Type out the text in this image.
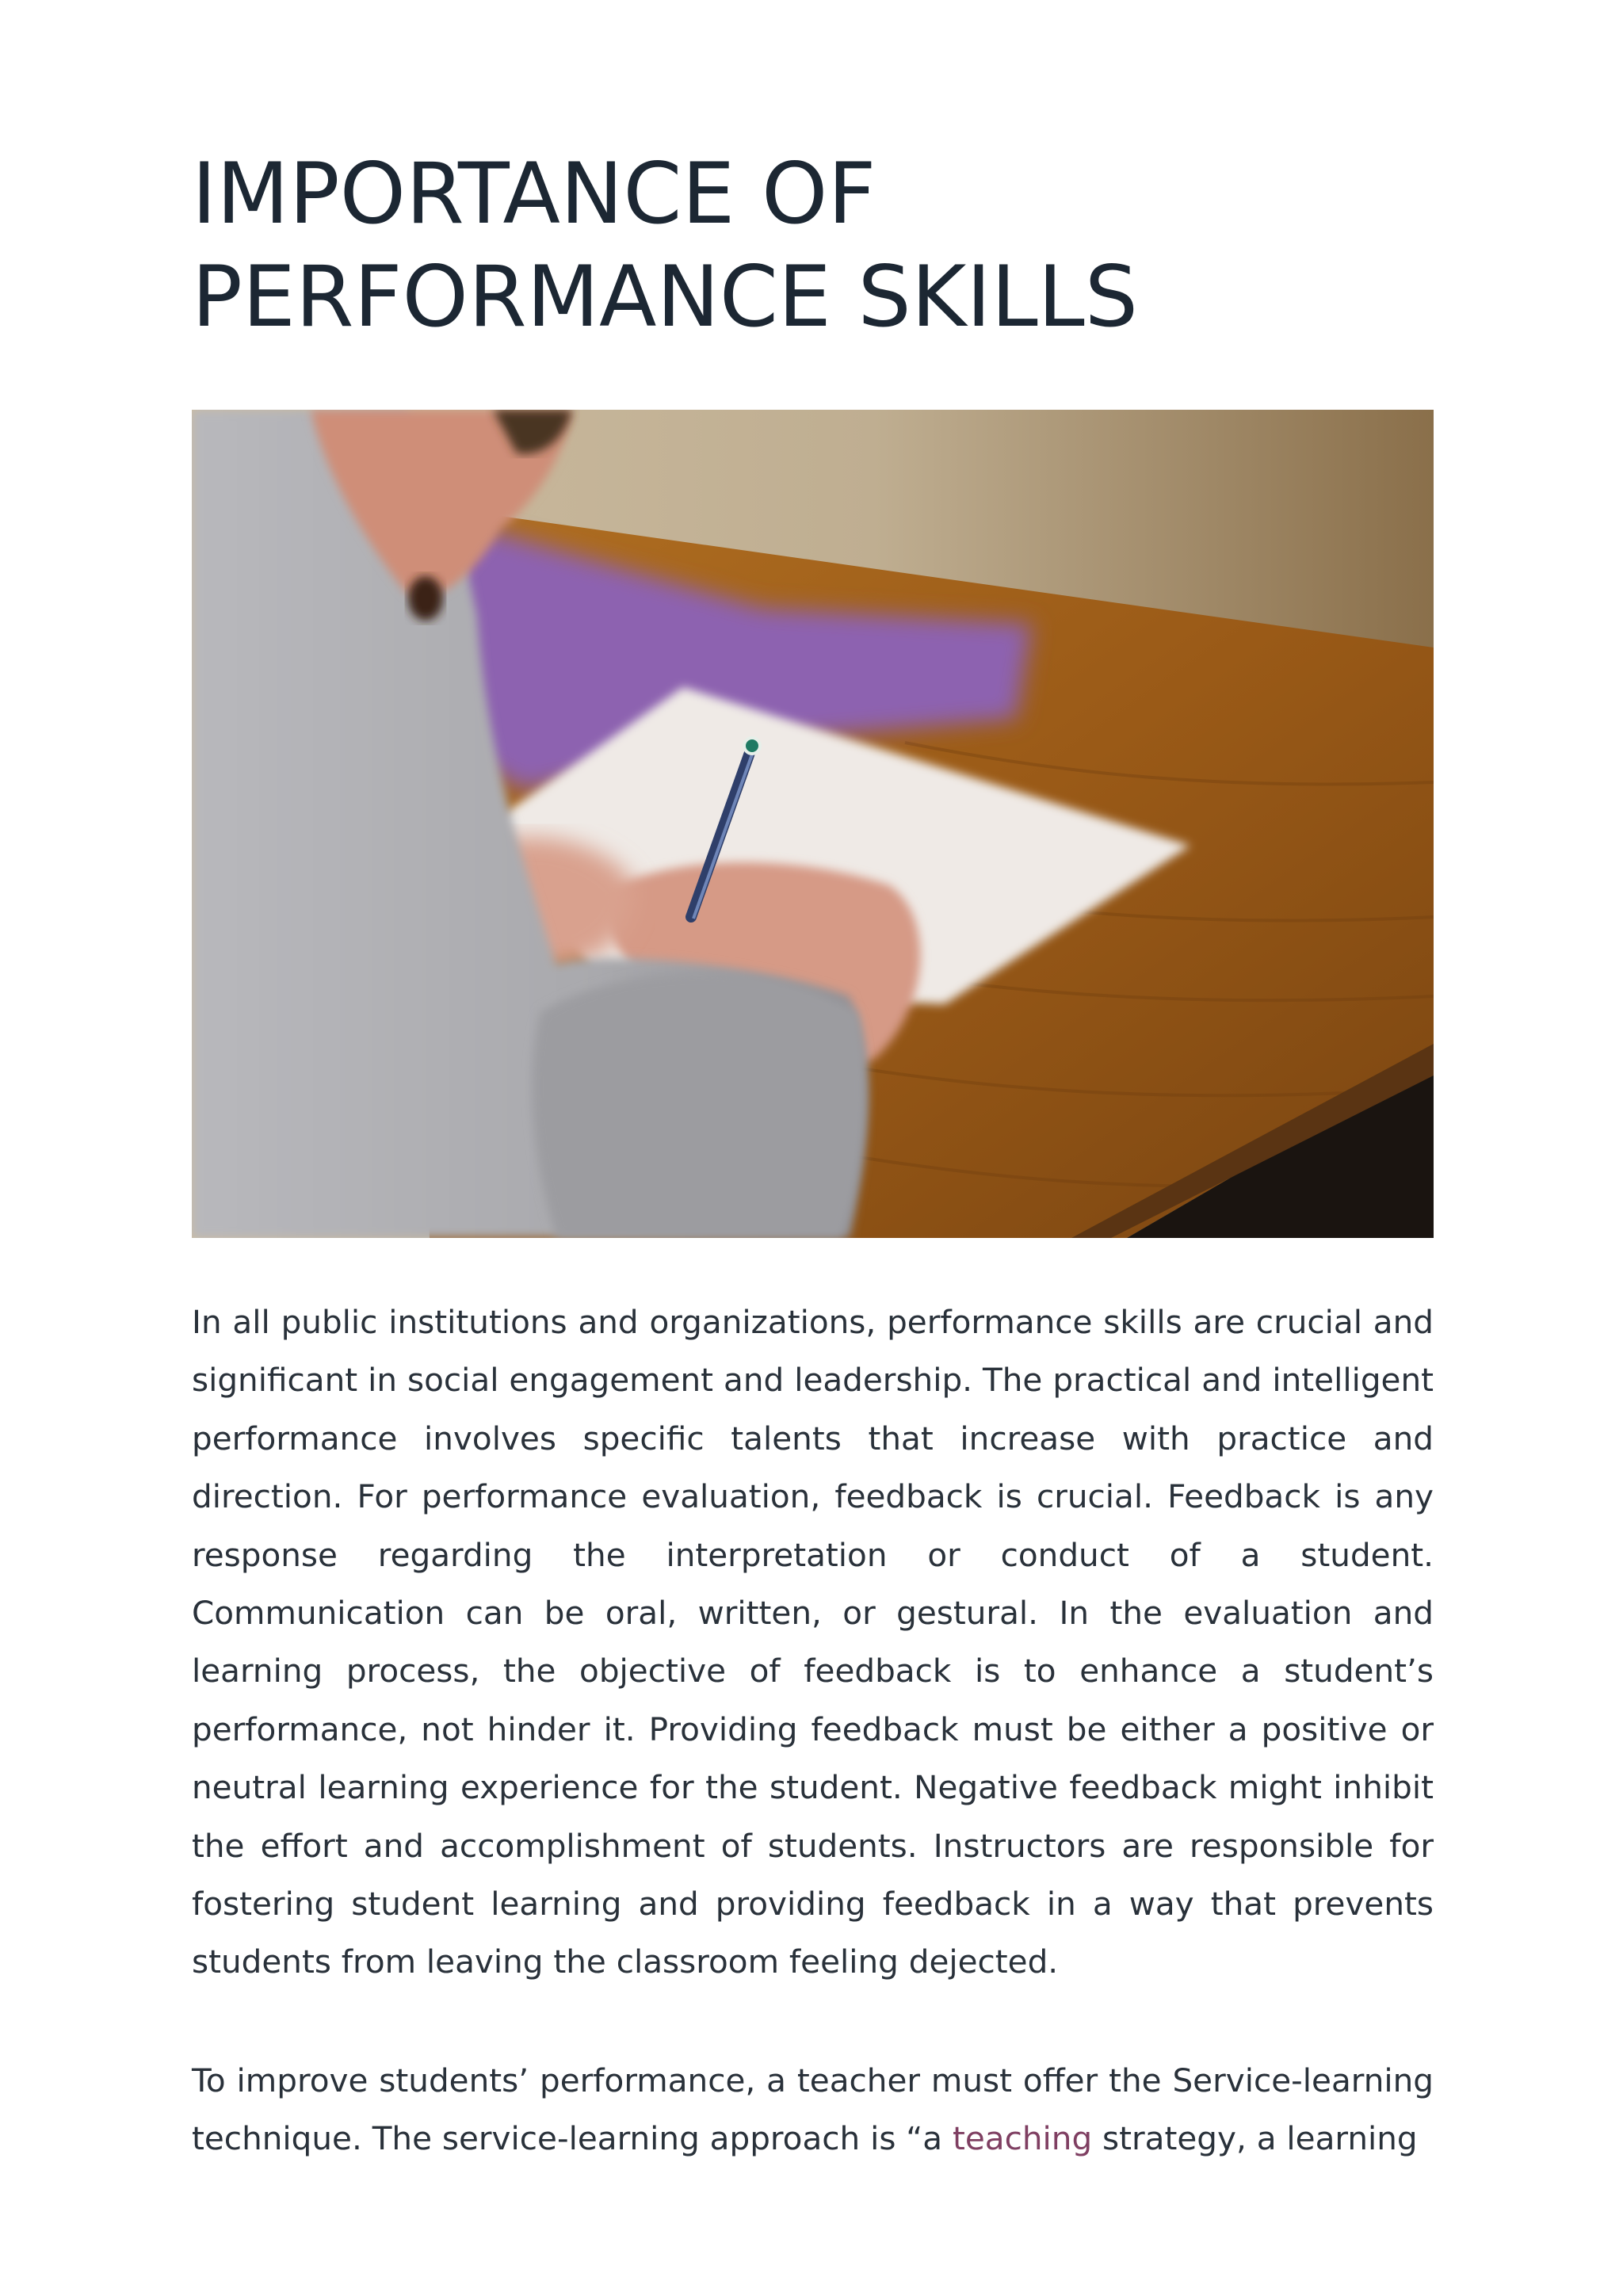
IMPORTANCE OF
PERFORMANCE SKILLS

In all public institutions and organizations, performance skills are crucial and significant in social engagement and leadership. The practical and intelligent performance involves specific talents that increase with practice and direction. For performance evaluation, feedback is crucial. Feedback is any response regarding the interpretation or conduct of a student. Communication can be oral, written, or gestural. In the evaluation and learning process, the objective of feedback is to enhance a student’s performance, not hinder it. Providing feedback must be either a positive or neutral learning experience for the student. Negative feedback might inhibit the effort and accomplishment of students. Instructors are responsible for fostering student learning and providing feedback in a way that prevents students from leaving the classroom feeling dejected.

To improve students’ performance, a teacher must offer the Service-learning technique. The service-learning approach is “a teaching strategy, a learning
